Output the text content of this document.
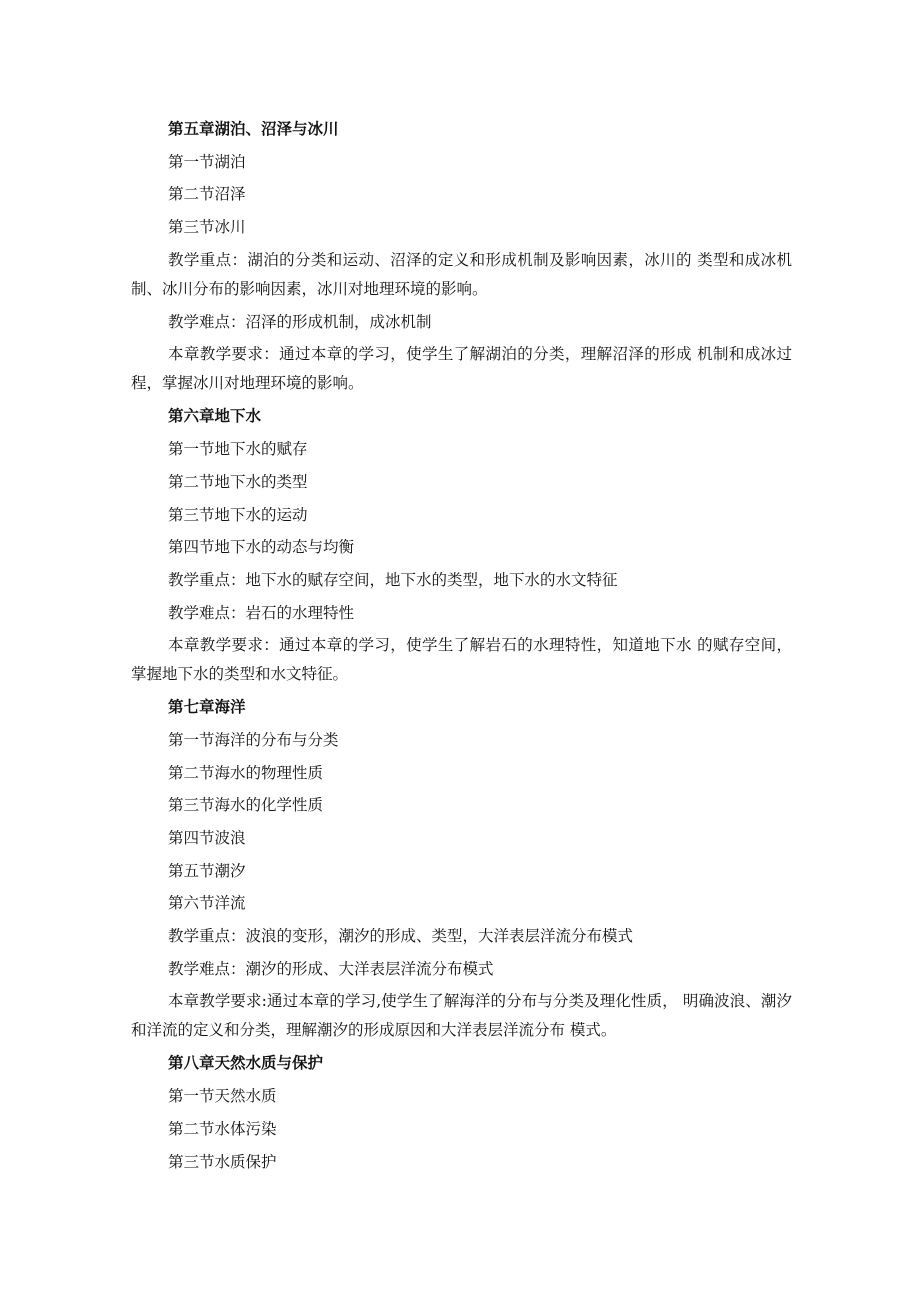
第五章湖泊、沼泽与冰川

第一节湖泊

第二节沼泽

第三节冰川

教学重点：湖泊的分类和运动、沼泽的定义和形成机制及影响因素，冰川的 类型和成冰机制、冰川分布的影响因素，冰川对地理环境的影响。

教学难点：沼泽的形成机制，成冰机制

本章教学要求：通过本章的学习，使学生了解湖泊的分类，理解沼泽的形成 机制和成冰过程，掌握冰川对地理环境的影响。

第六章地下水

第一节地下水的赋存

第二节地下水的类型

第三节地下水的运动

第四节地下水的动态与均衡

教学重点：地下水的赋存空间，地下水的类型，地下水的水文特征

教学难点：岩石的水理特性

本章教学要求：通过本章的学习，使学生了解岩石的水理特性，知道地下水 的赋存空间，掌握地下水的类型和水文特征。

第七章海洋

第一节海洋的分布与分类

第二节海水的物理性质

第三节海水的化学性质

第四节波浪

第五节潮汐

第六节洋流

教学重点：波浪的变形，潮汐的形成、类型，大洋表层洋流分布模式

教学难点：潮汐的形成、大洋表层洋流分布模式

本章教学要求:通过本章的学习,使学生了解海洋的分布与分类及理化性质， 明确波浪、潮汐和洋流的定义和分类，理解潮汐的形成原因和大洋表层洋流分布 模式。

第八章天然水质与保护

第一节天然水质

第二节水体污染

第三节水质保护
